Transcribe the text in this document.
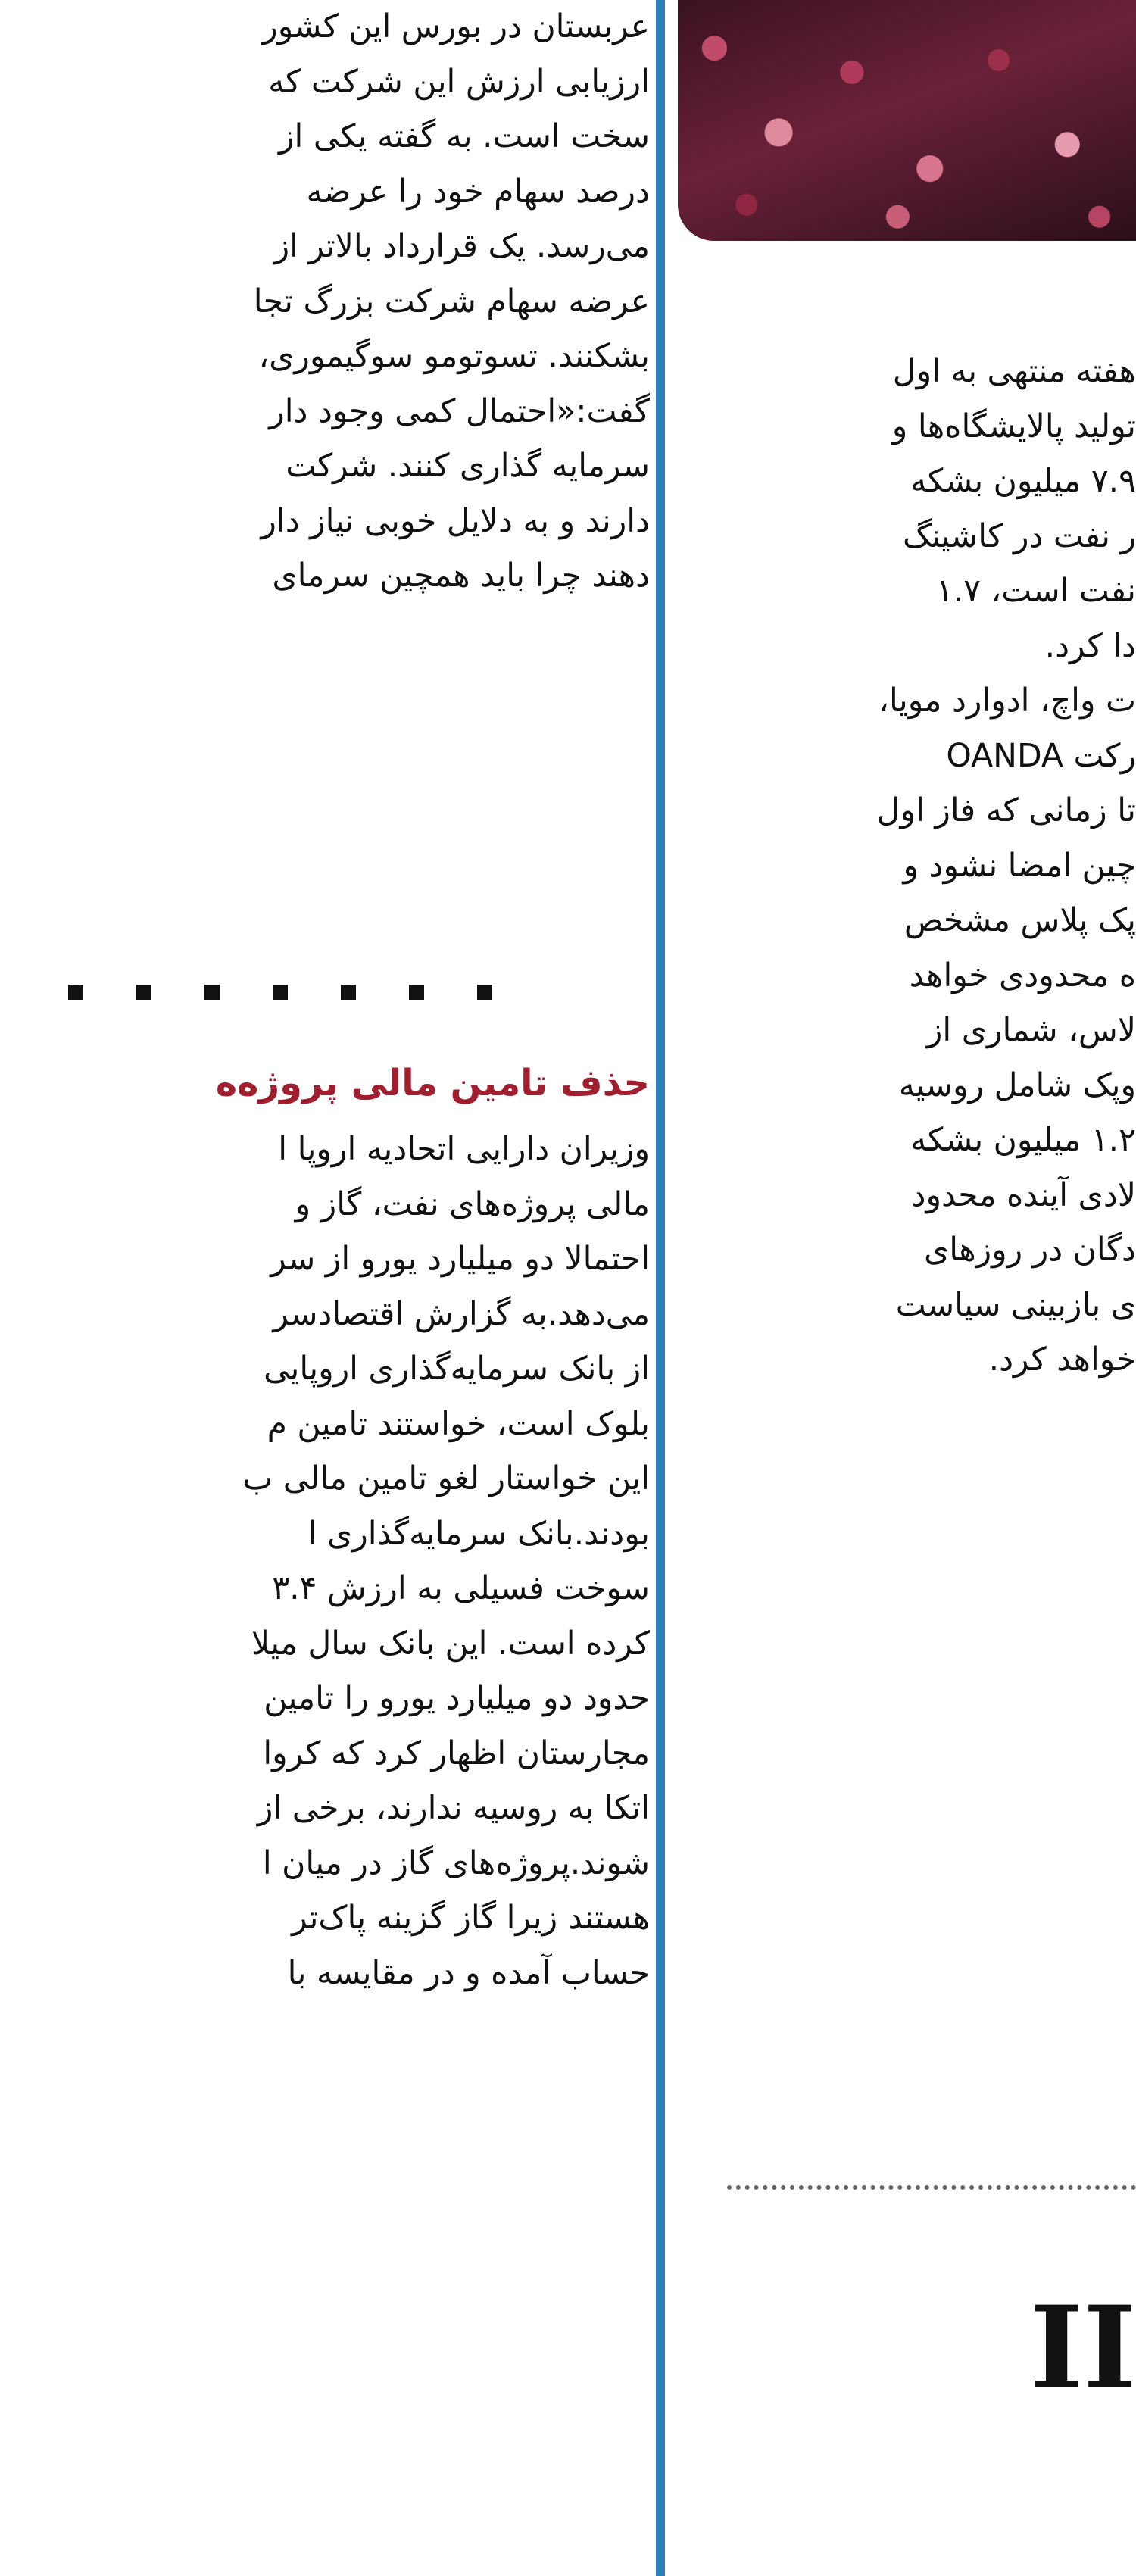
عربستان در بورس این کشور
ارزیابی ارزش این شرکت که
سخت است. به گفته یکی از
درصد سهام خود را عرضه
می‌رسد. یک قرارداد بالاتر از
عرضه سهام شرکت بزرگ تجا
بشکنند. تسوتومو سوگیموری،
گفت:«احتمال کمی وجود دار
سرمایه گذاری کنند. شرکت
دارند و به دلایل خوبی نیاز دار
دهند چرا باید همچین سرمای
حذف تامین مالی پروژه‌ه
وزیران دارایی اتحادیه اروپا ا
مالی پروژه‌های نفت، گاز و
احتمالا دو میلیارد یورو از سر
می‌دهد.به گزارش اقتصادسر
از بانک سرمایه‌گذاری اروپایی
بلوک است، خواستند تامین م
این خواستار لغو تامین مالی ب
بودند.بانک سرمایه‌گذاری ا
سوخت فسیلی به ارزش ۳.۴
کرده است. این بانک سال میلا
حدود دو میلیارد یورو را تامین
مجارستان اظهار کرد که کروا
اتکا به روسیه ندارند، برخی از
شوند.پروژه‌های گاز در میان ا
هستند زیرا گاز گزینه پاک‌تر
حساب آمده و در مقایسه با
هفته منتهی به اول
تولید پالایشگاه‌ها و
۷.۹ میلیون بشکه
ر نفت در کاشینگ
نفت است، ۱.۷
دا کرد.
ت واچ، ادوارد مویا،
رکت OANDA
تا زمانی که فاز اول
چین امضا نشود و
پک پلاس مشخص
ه محدودی خواهد
لاس، شماری از
وپک شامل روسیه
۱.۲ میلیون بشکه
لادی آینده محدود
دگان در روزهای
ی بازبینی سیاست
خواهد کرد.
II
